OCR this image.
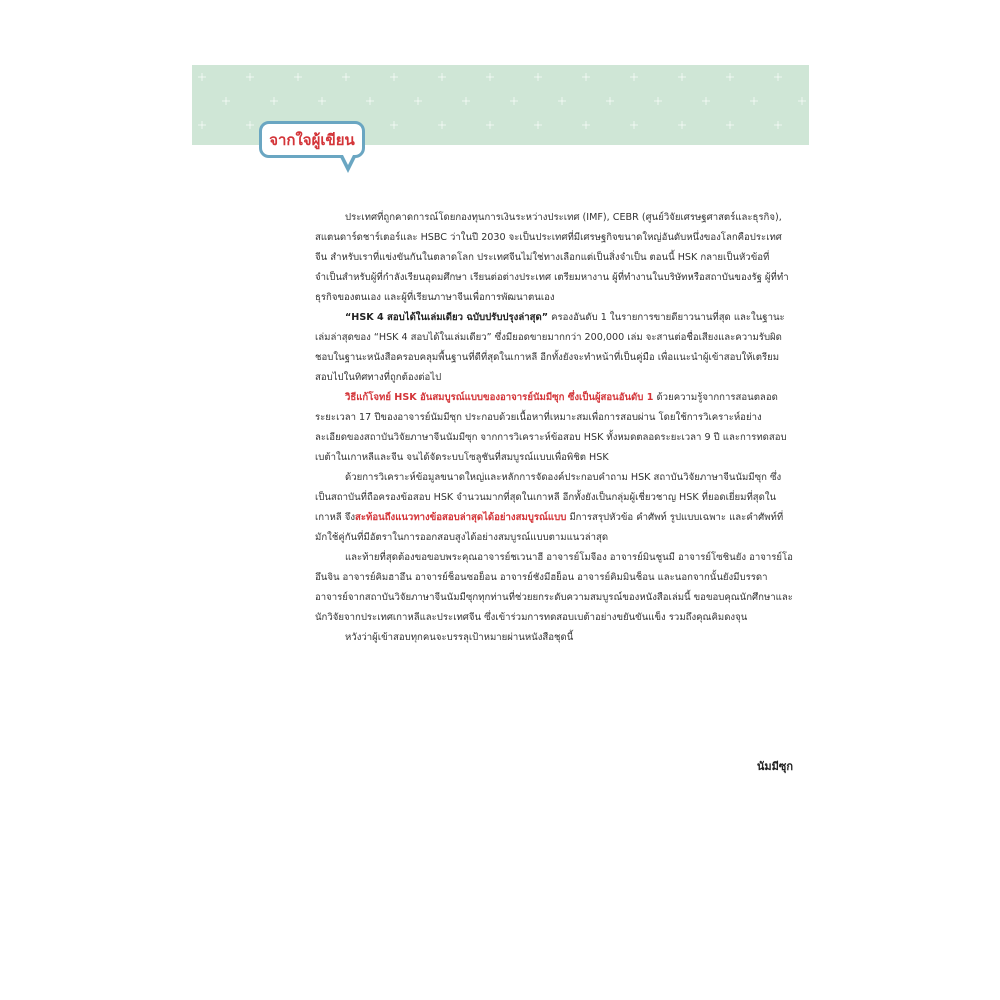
จากใจผู้เขียน

ประเทศที่ถูกคาดการณ์โดยกองทุนการเงินระหว่างประเทศ (IMF), CEBR (ศูนย์วิจัยเศรษฐศาสตร์และธุรกิจ), สแตนดาร์ดชาร์เตอร์และ HSBC ว่าในปี 2030 จะเป็นประเทศที่มีเศรษฐกิจขนาดใหญ่อันดับหนึ่งของโลกคือประเทศจีน สำหรับเราที่แข่งขันกันในตลาดโลก ประเทศจีนไม่ใช่ทางเลือกแต่เป็นสิ่งจำเป็น ตอนนี้ HSK กลายเป็นหัวข้อที่จำเป็นสำหรับผู้ที่กำลังเรียนอุดมศึกษา เรียนต่อต่างประเทศ เตรียมหางาน ผู้ที่ทำงานในบริษัทหรือสถาบันของรัฐ ผู้ที่ทำธุรกิจของตนเอง และผู้ที่เรียนภาษาจีนเพื่อการพัฒนาตนเอง

“HSK 4 สอบได้ในเล่มเดียว ฉบับปรับปรุงล่าสุด” ครองอันดับ 1 ในรายการขายดียาวนานที่สุด และในฐานะเล่มล่าสุดของ “HSK 4 สอบได้ในเล่มเดียว” ซึ่งมียอดขายมากกว่า 200,000 เล่ม จะสานต่อชื่อเสียงและความรับผิดชอบในฐานะหนังสือครอบคลุมพื้นฐานที่ดีที่สุดในเกาหลี อีกทั้งยังจะทำหน้าที่เป็นคู่มือ เพื่อแนะนำผู้เข้าสอบให้เตรียมสอบไปในทิศทางที่ถูกต้องต่อไป

วิธีแก้โจทย์ HSK อันสมบูรณ์แบบของอาจารย์นัมมีซุก ซึ่งเป็นผู้สอนอันดับ 1 ด้วยความรู้จากการสอนตลอดระยะเวลา 17 ปีของอาจารย์นัมมีซุก ประกอบด้วยเนื้อหาที่เหมาะสมเพื่อการสอบผ่าน โดยใช้การวิเคราะห์อย่างละเอียดของสถาบันวิจัยภาษาจีนนัมมีซุก จากการวิเคราะห์ข้อสอบ HSK ทั้งหมดตลอดระยะเวลา 9 ปี และการทดสอบเบต้าในเกาหลีและจีน จนได้จัดระบบโซลูชันที่สมบูรณ์แบบเพื่อพิชิต HSK

ด้วยการวิเคราะห์ข้อมูลขนาดใหญ่และหลักการจัดองค์ประกอบคำถาม HSK สถาบันวิจัยภาษาจีนนัมมีซุก ซึ่งเป็นสถาบันที่ถือครองข้อสอบ HSK จำนวนมากที่สุดในเกาหลี อีกทั้งยังเป็นกลุ่มผู้เชี่ยวชาญ HSK ที่ยอดเยี่ยมที่สุดในเกาหลี จึงสะท้อนถึงแนวทางข้อสอบล่าสุดได้อย่างสมบูรณ์แบบ มีการสรุปหัวข้อ คำศัพท์ รูปแบบเฉพาะ และคำศัพท์ที่มักใช้คู่กันที่มีอัตราในการออกสอบสูงได้อย่างสมบูรณ์แบบตามแนวล่าสุด

และท้ายที่สุดต้องขอขอบพระคุณอาจารย์ชเวนาฮี อาจารย์โมจีอง อาจารย์มินชูนมี อาจารย์โซชินยัง อาจารย์โออึนจิน อาจารย์คิมฮาอึน อาจารย์ช็อนซอย็อน อาจารย์ชังมีฮย็อน อาจารย์คิมมินช็อน และนอกจากนั้นยังมีบรรดาอาจารย์จากสถาบันวิจัยภาษาจีนนัมมีซุกทุกท่านที่ช่วยยกระดับความสมบูรณ์ของหนังสือเล่มนี้ ขอขอบคุณนักศึกษาและนักวิจัยจากประเทศเกาหลีและประเทศจีน ซึ่งเข้าร่วมการทดสอบเบต้าอย่างขยันขันแข็ง รวมถึงคุณคิมดงจุน

หวังว่าผู้เข้าสอบทุกคนจะบรรลุเป้าหมายผ่านหนังสือชุดนี้

นัมมีซุก
